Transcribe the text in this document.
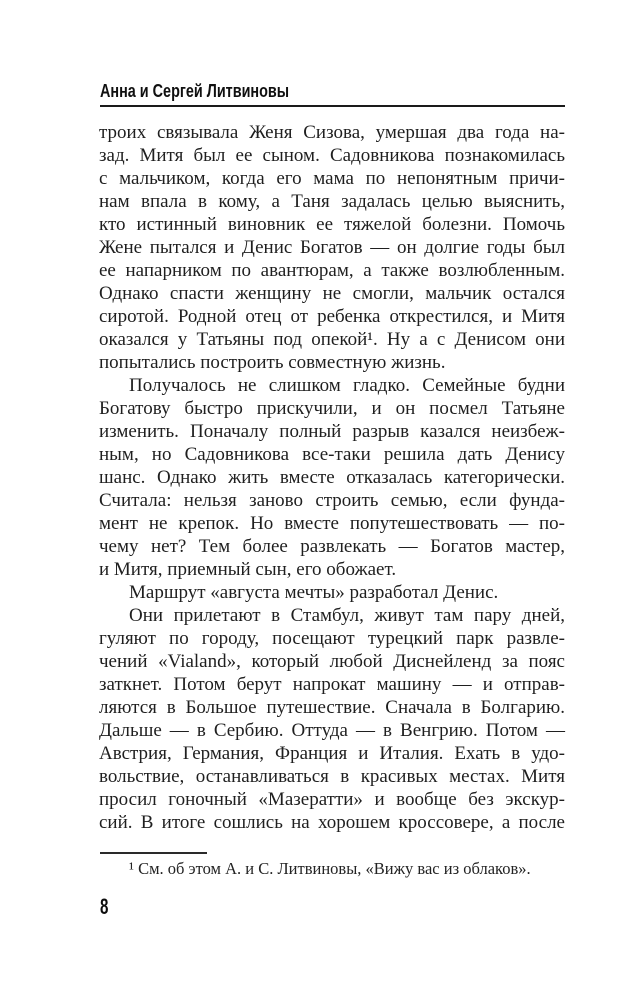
Анна и Сергей Литвиновы
троих связывала Женя Сизова, умершая два года на-
зад. Митя был ее сыном. Садовникова познакомилась
с мальчиком, когда его мама по непонятным причи-
нам впала в кому, а Таня задалась целью выяснить,
кто истинный виновник ее тяжелой болезни. Помочь
Жене пытался и Денис Богатов — он долгие годы был
ее напарником по авантюрам, а также возлюбленным.
Однако спасти женщину не смогли, мальчик остался
сиротой. Родной отец от ребенка открестился, и Митя
оказался у Татьяны под опекой¹. Ну а с Денисом они
попытались построить совместную жизнь.
Получалось не слишком гладко. Семейные будни
Богатову быстро прискучили, и он посмел Татьяне
изменить. Поначалу полный разрыв казался неизбеж-
ным, но Садовникова все-таки решила дать Денису
шанс. Однако жить вместе отказалась категорически.
Считала: нельзя заново строить семью, если фунда-
мент не крепок. Но вместе попутешествовать — по-
чему нет? Тем более развлекать — Богатов мастер,
и Митя, приемный сын, его обожает.
Маршрут «августа мечты» разработал Денис.
Они прилетают в Стамбул, живут там пару дней,
гуляют по городу, посещают турецкий парк развле-
чений «Vialand», который любой Диснейленд за пояс
заткнет. Потом берут напрокат машину — и отправ-
ляются в Большое путешествие. Сначала в Болгарию.
Дальше — в Сербию. Оттуда — в Венгрию. Потом —
Австрия, Германия, Франция и Италия. Ехать в удо-
вольствие, останавливаться в красивых местах. Митя
просил гоночный «Мазератти» и вообще без экскур-
сий. В итоге сошлись на хорошем кроссовере, а после
¹ См. об этом А. и С. Литвиновы, «Вижу вас из облаков».
8
